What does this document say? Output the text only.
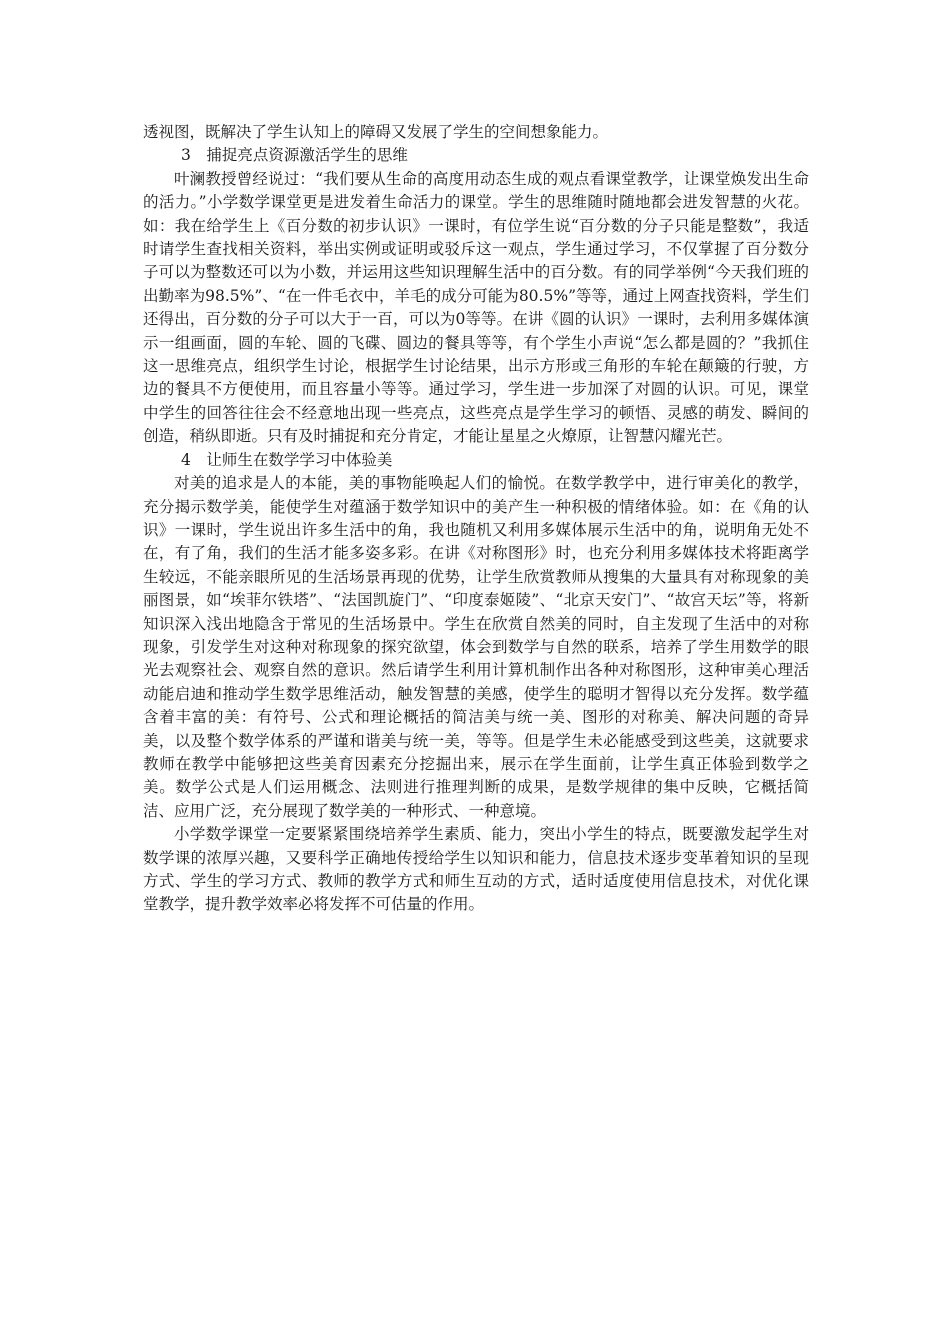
透视图，既解决了学生认知上的障碍又发展了学生的空间想象能力。

3　捕捉亮点资源激活学生的思维

叶澜教授曾经说过：“我们要从生命的高度用动态生成的观点看课堂教学，让课堂焕发出生命的活力。”小学数学课堂更是进发着生命活力的课堂。学生的思维随时随地都会进发智慧的火花。如：我在给学生上《百分数的初步认识》一课时，有位学生说“百分数的分子只能是整数”，我适时请学生查找相关资料，举出实例或证明或驳斥这一观点，学生通过学习，不仅掌握了百分数分子可以为整数还可以为小数，并运用这些知识理解生活中的百分数。有的同学举例“今天我们班的出勤率为98.5%”、“在一件毛衣中，羊毛的成分可能为80.5%”等等，通过上网查找资料，学生们还得出，百分数的分子可以大于一百，可以为0等等。在讲《圆的认识》一课时，去利用多媒体演示一组画面，圆的车轮、圆的飞碟、圆边的餐具等等，有个学生小声说“怎么都是圆的？”我抓住这一思维亮点，组织学生讨论，根据学生讨论结果，出示方形或三角形的车轮在颠簸的行驶，方边的餐具不方便使用，而且容量小等等。通过学习，学生进一步加深了对圆的认识。可见，课堂中学生的回答往往会不经意地出现一些亮点，这些亮点是学生学习的顿悟、灵感的萌发、瞬间的创造，稍纵即逝。只有及时捕捉和充分肯定，才能让星星之火燎原，让智慧闪耀光芒。

4　让师生在数学学习中体验美

对美的追求是人的本能，美的事物能唤起人们的愉悦。在数学教学中，进行审美化的教学，充分揭示数学美，能使学生对蕴涵于数学知识中的美产生一种积极的情绪体验。如：在《角的认识》一课时，学生说出许多生活中的角，我也随机又利用多媒体展示生活中的角，说明角无处不在，有了角，我们的生活才能多姿多彩。在讲《对称图形》时，也充分利用多媒体技术将距离学生较远，不能亲眼所见的生活场景再现的优势，让学生欣赏教师从搜集的大量具有对称现象的美丽图景，如“埃菲尔铁塔”、“法国凯旋门”、“印度泰姬陵”、“北京天安门”、“故宫天坛”等，将新知识深入浅出地隐含于常见的生活场景中。学生在欣赏自然美的同时，自主发现了生活中的对称现象，引发学生对这种对称现象的探究欲望，体会到数学与自然的联系，培养了学生用数学的眼光去观察社会、观察自然的意识。然后请学生利用计算机制作出各种对称图形，这种审美心理活动能启迪和推动学生数学思维活动，触发智慧的美感，使学生的聪明才智得以充分发挥。数学蕴含着丰富的美：有符号、公式和理论概括的简洁美与统一美、图形的对称美、解决问题的奇异美，以及整个数学体系的严谨和谐美与统一美，等等。但是学生未必能感受到这些美，这就要求教师在教学中能够把这些美育因素充分挖掘出来，展示在学生面前，让学生真正体验到数学之美。数学公式是人们运用概念、法则进行推理判断的成果，是数学规律的集中反映，它概括简洁、应用广泛，充分展现了数学美的一种形式、一种意境。

小学数学课堂一定要紧紧围绕培养学生素质、能力，突出小学生的特点，既要激发起学生对数学课的浓厚兴趣，又要科学正确地传授给学生以知识和能力，信息技术逐步变革着知识的呈现方式、学生的学习方式、教师的教学方式和师生互动的方式，适时适度使用信息技术，对优化课堂教学，提升教学效率必将发挥不可估量的作用。
